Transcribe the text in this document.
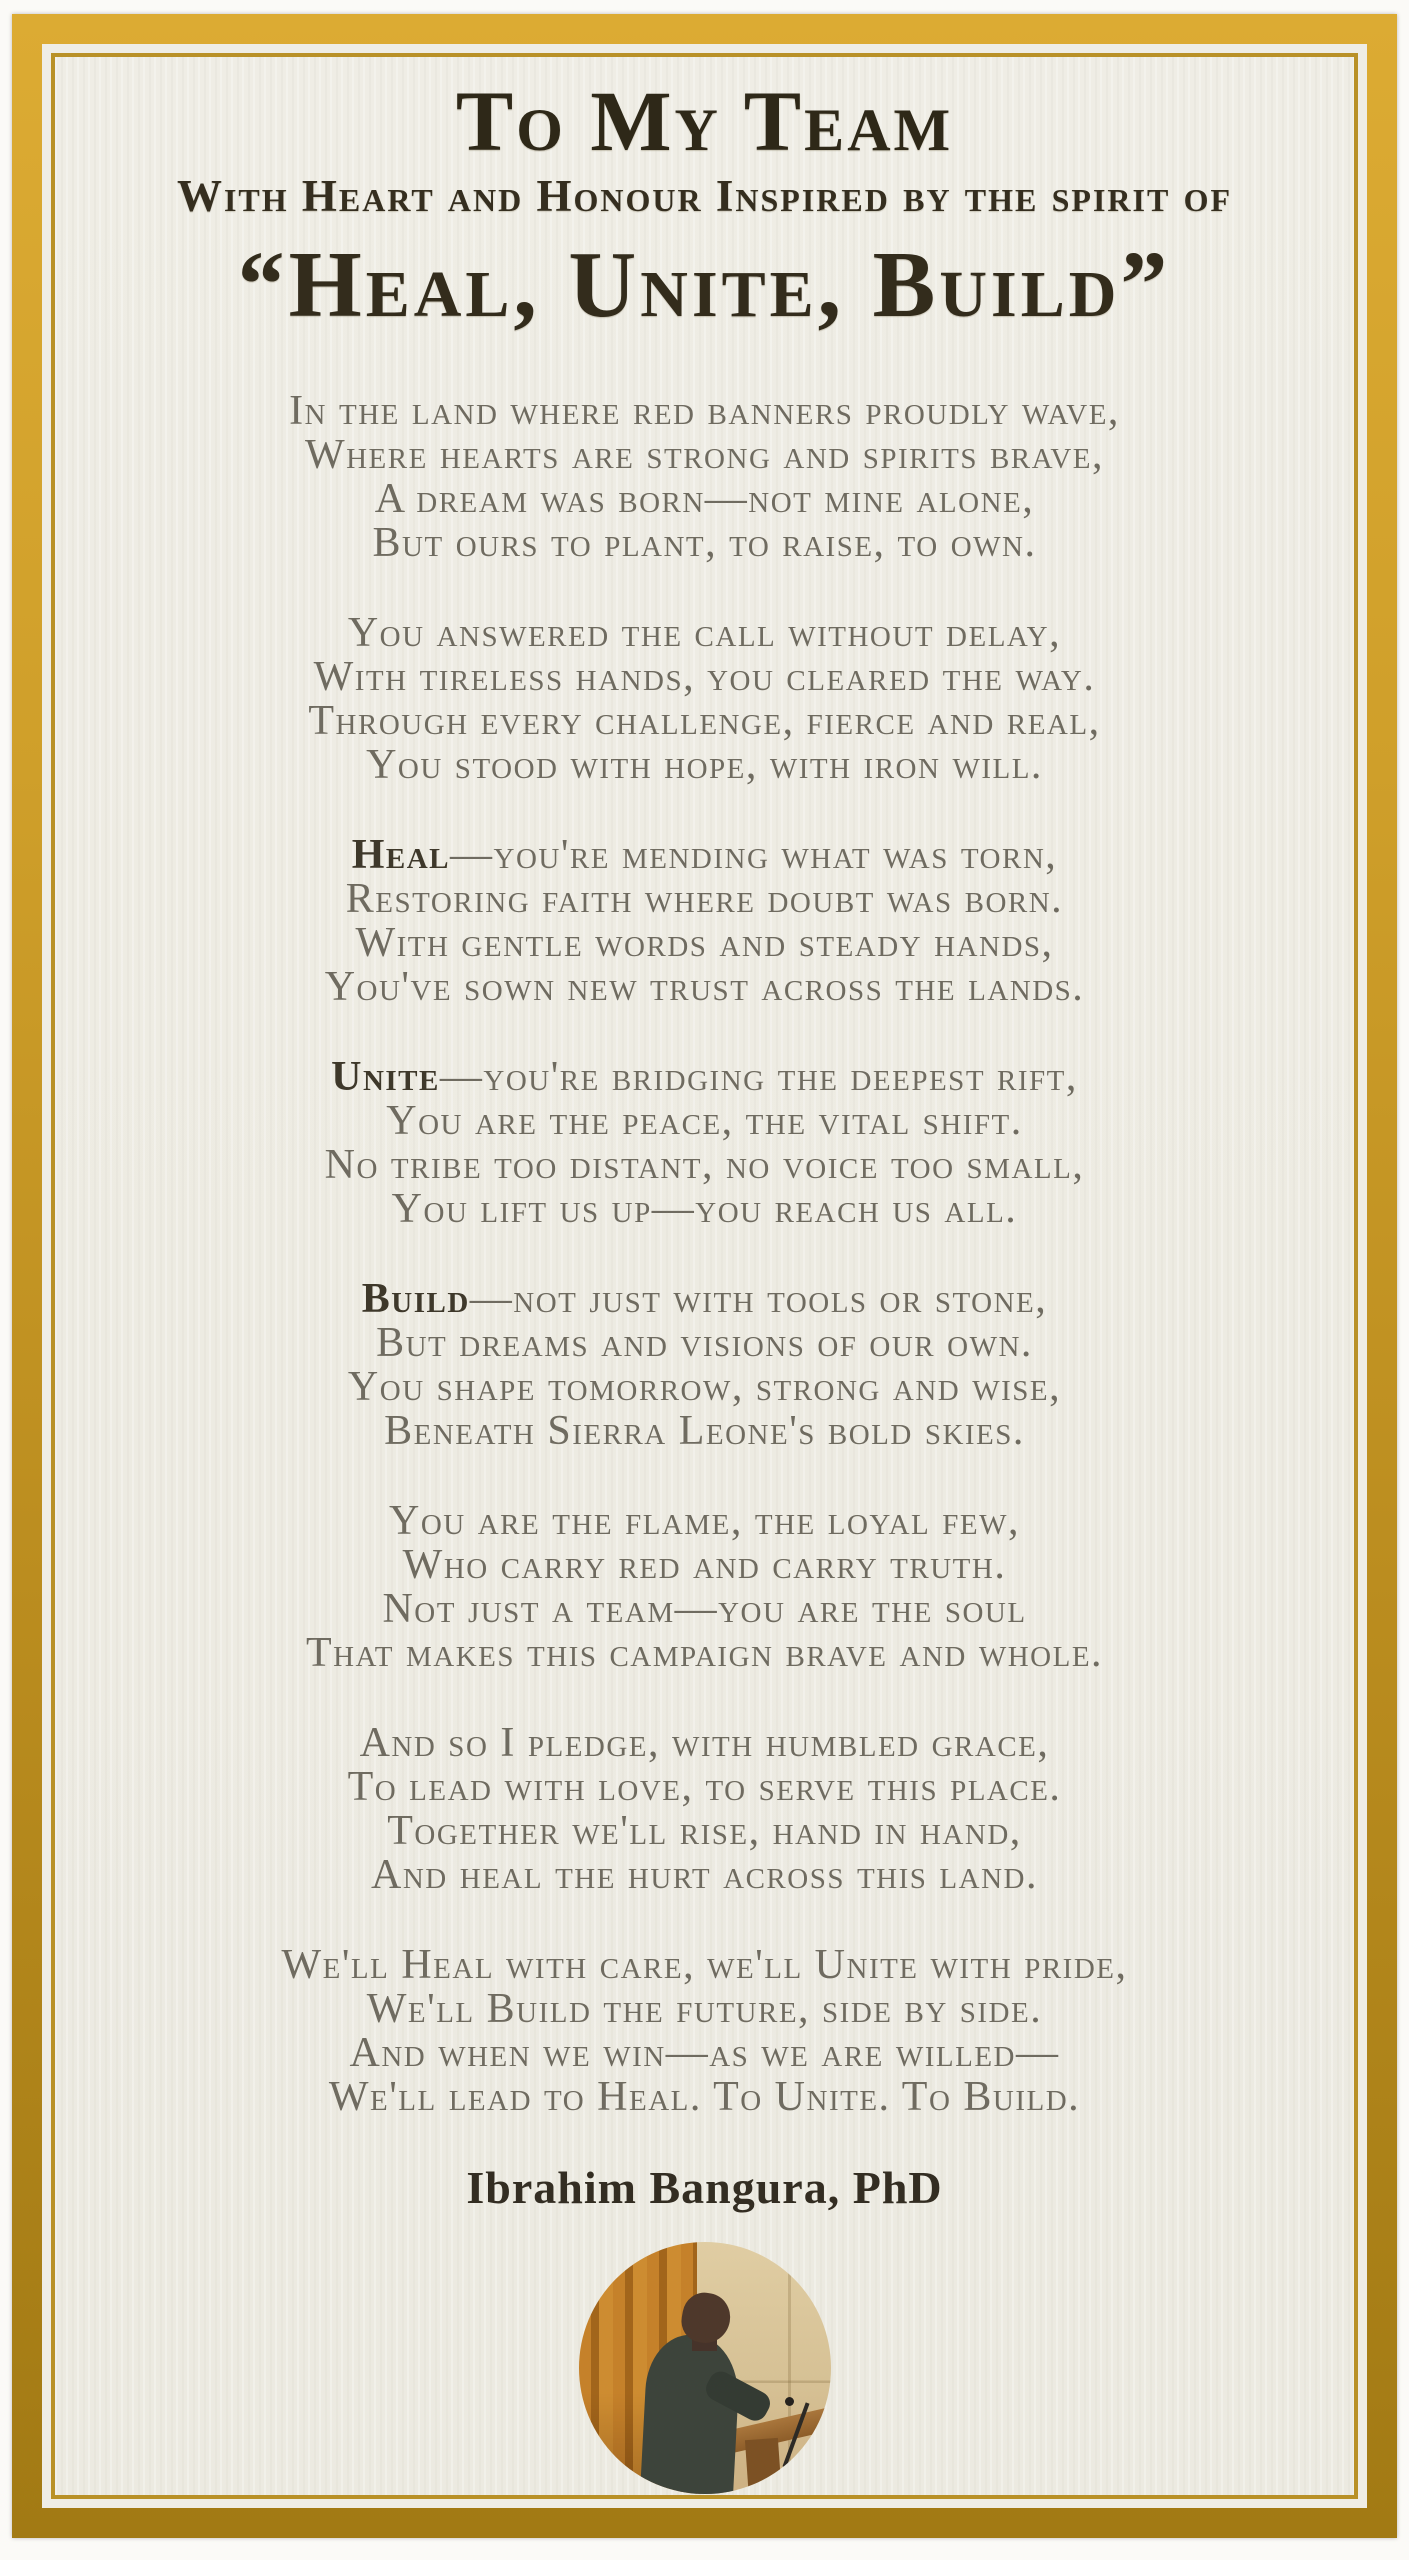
To My Team
With Heart and Honour Inspired by the spirit of
“Heal, Unite, Build”
In the land where red banners proudly wave,
Where hearts are strong and spirits brave,
A dream was born—not mine alone,
But ours to plant, to raise, to own.
You answered the call without delay,
With tireless hands, you cleared the way.
Through every challenge, fierce and real,
You stood with hope, with iron will.
Heal—you're mending what was torn,
Restoring faith where doubt was born.
With gentle words and steady hands,
You've sown new trust across the lands.
Unite—you're bridging the deepest rift,
You are the peace, the vital shift.
No tribe too distant, no voice too small,
You lift us up—you reach us all.
Build—not just with tools or stone,
But dreams and visions of our own.
You shape tomorrow, strong and wise,
Beneath Sierra Leone's bold skies.
You are the flame, the loyal few,
Who carry red and carry truth.
Not just a team—you are the soul
That makes this campaign brave and whole.
And so I pledge, with humbled grace,
To lead with love, to serve this place.
Together we'll rise, hand in hand,
And heal the hurt across this land.
We'll Heal with care, we'll Unite with pride,
We'll Build the future, side by side.
And when we win—as we are willed—
We'll lead to Heal. To Unite. To Build.
Ibrahim Bangura, PhD
